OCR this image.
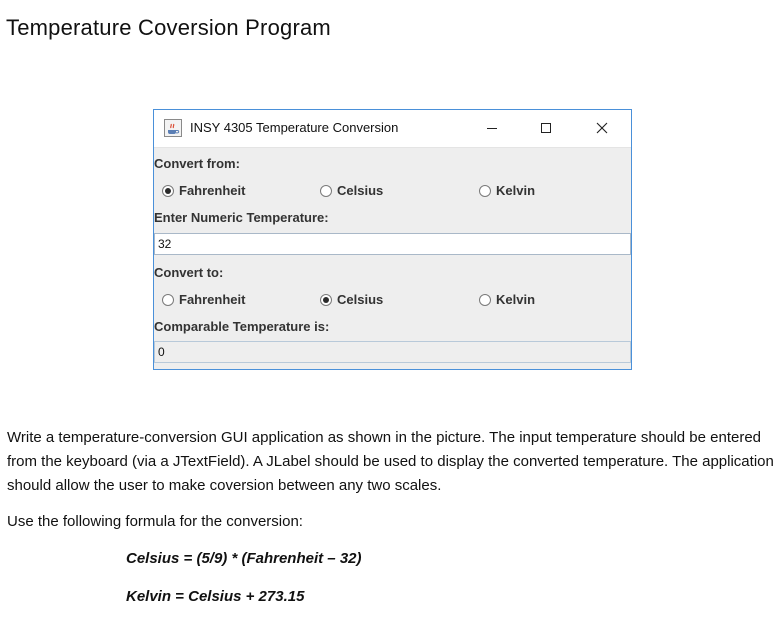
Temperature Coversion Program
INSY 4305 Temperature Conversion
Convert from:
Fahrenheit	Celsius	Kelvin
Enter Numeric Temperature:
32
Convert to:
Fahrenheit	Celsius	Kelvin
Comparable Temperature is:
0
Write a temperature-conversion GUI application as shown in the picture. The input temperature should be entered from the keyboard (via a JTextField). A JLabel should be used to display the converted temperature. The application should allow the user to make coversion between any two scales.
Use the following formula for the conversion:
Celsius = (5/9) * (Fahrenheit – 32)
Kelvin = Celsius + 273.15
